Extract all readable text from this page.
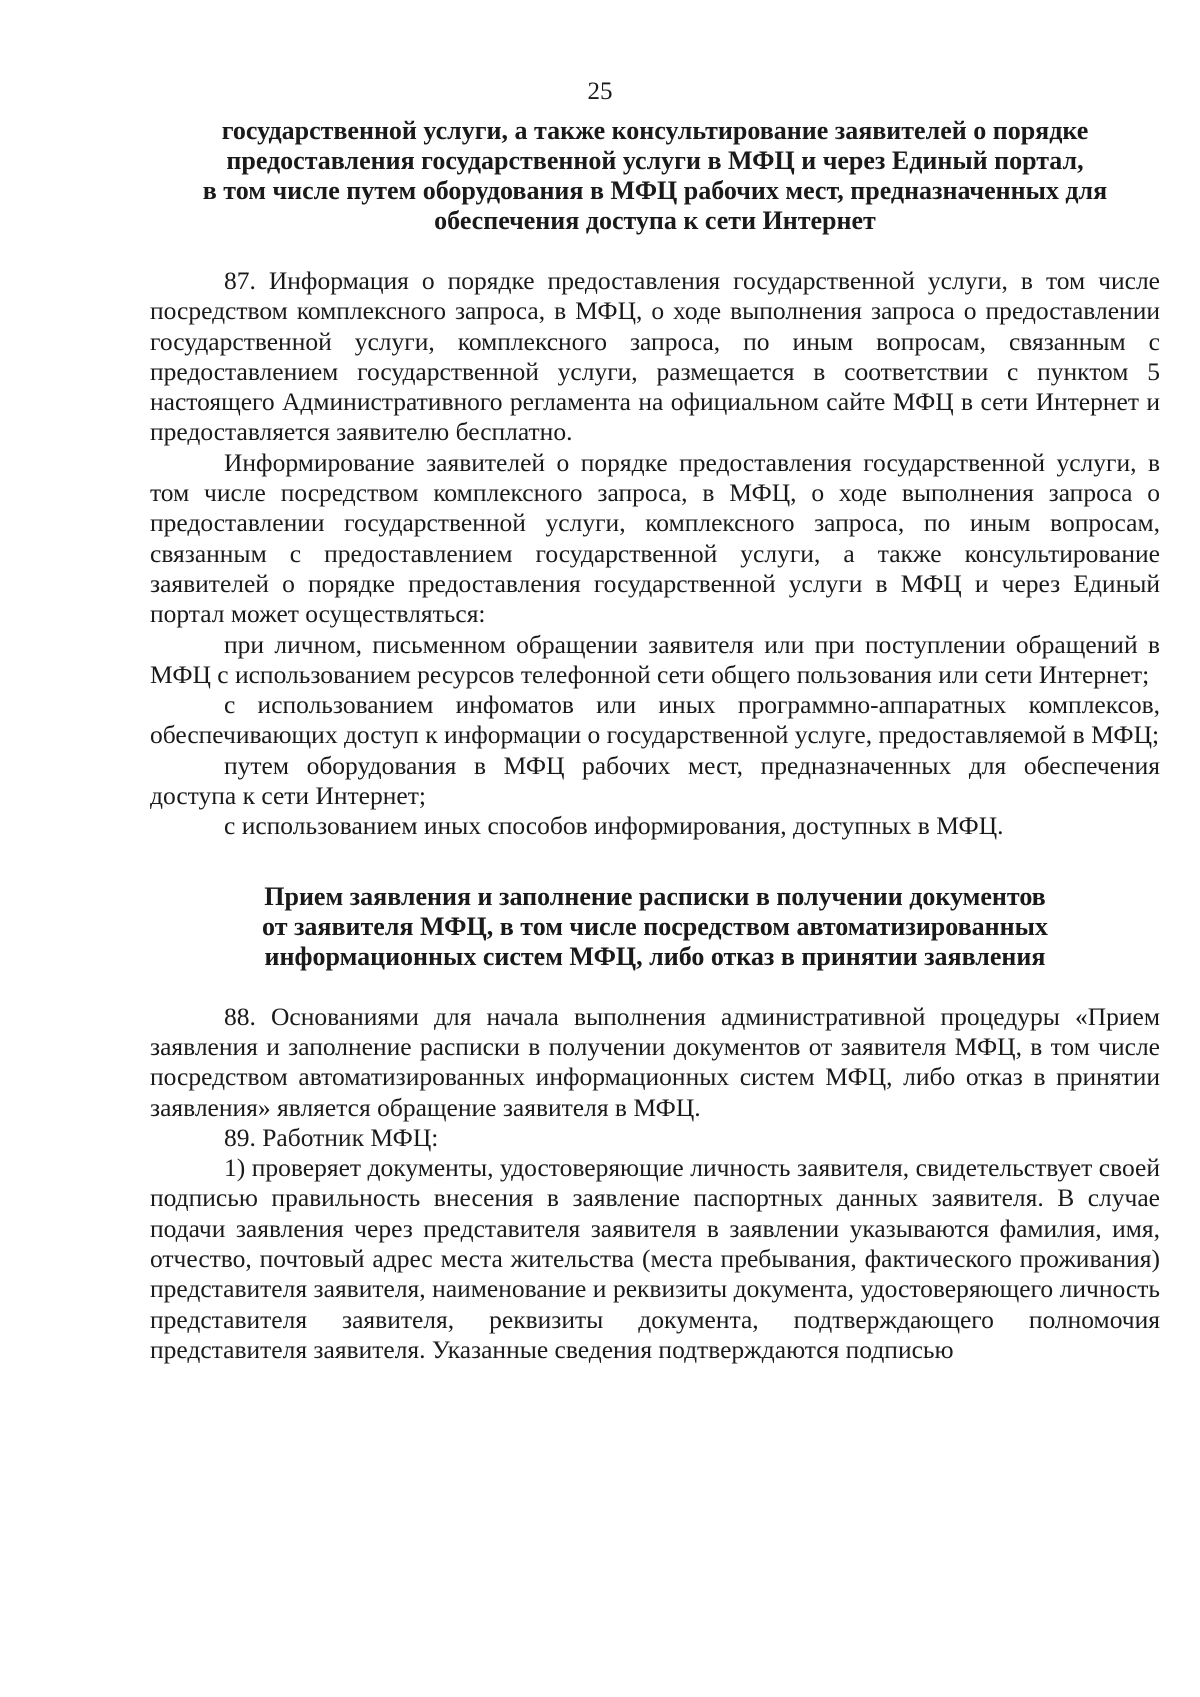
25
государственной услуги, а также консультирование заявителей о порядке
предоставления государственной услуги в МФЦ и через Единый портал,
в том числе путем оборудования в МФЦ рабочих мест, предназначенных для
обеспечения доступа к сети Интернет

87. Информация о порядке предоставления государственной услуги, в том числе посредством комплексного запроса, в МФЦ, о ходе выполнения запроса о предоставлении государственной услуги, комплексного запроса, по иным вопросам, связанным с предоставлением государственной услуги, размещается в соответствии с пунктом 5 настоящего Административного регламента на официальном сайте МФЦ в сети Интернет и предоставляется заявителю бесплатно.

Информирование заявителей о порядке предоставления государственной услуги, в том числе посредством комплексного запроса, в МФЦ, о ходе выполнения запроса о предоставлении государственной услуги, комплексного запроса, по иным вопросам, связанным с предоставлением государственной услуги, а также консультирование заявителей о порядке предоставления государственной услуги в МФЦ и через Единый портал может осуществляться:

при личном, письменном обращении заявителя или при поступлении обращений в МФЦ с использованием ресурсов телефонной сети общего пользования или сети Интернет;

с использованием инфоматов или иных программно-аппаратных комплексов, обеспечивающих доступ к информации о государственной услуге, предоставляемой в МФЦ;

путем оборудования в МФЦ рабочих мест, предназначенных для обеспечения доступа к сети Интернет;

с использованием иных способов информирования, доступных в МФЦ.

Прием заявления и заполнение расписки в получении документов
от заявителя МФЦ, в том числе посредством автоматизированных
информационных систем МФЦ, либо отказ в принятии заявления

88. Основаниями для начала выполнения административной процедуры «Прием заявления и заполнение расписки в получении документов от заявителя МФЦ, в том числе посредством автоматизированных информационных систем МФЦ, либо отказ в принятии заявления» является обращение заявителя в МФЦ.

89. Работник МФЦ:

1) проверяет документы, удостоверяющие личность заявителя, свидетельствует своей подписью правильность внесения в заявление паспортных данных заявителя. В случае подачи заявления через представителя заявителя в заявлении указываются фамилия, имя, отчество, почтовый адрес места жительства (места пребывания, фактического проживания) представителя заявителя, наименование и реквизиты документа, удостоверяющего личность представителя заявителя, реквизиты документа, подтверждающего полномочия представителя заявителя. Указанные сведения подтверждаются подписью
